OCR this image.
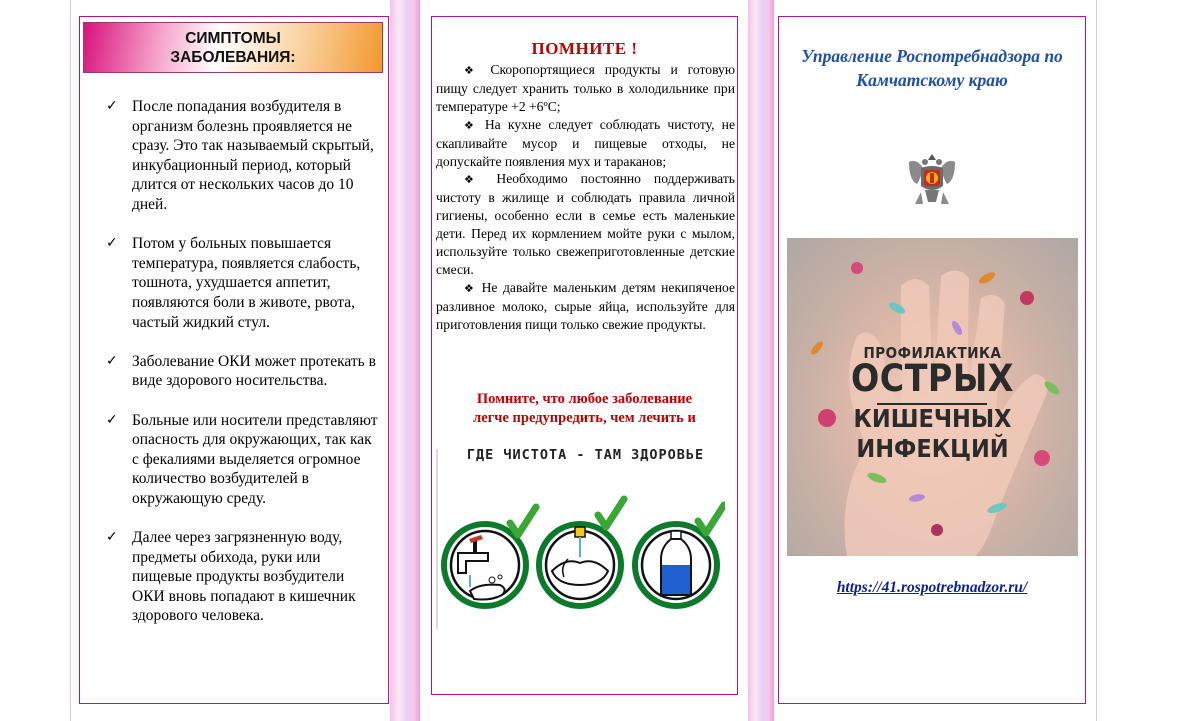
СИМПТОМЫ
ЗАБОЛЕВАНИЯ:
✓ После попадания возбудителя в организм болезнь проявляется не сразу. Это так называемый скрытый, инкубационный период, который длится от нескольких часов до 10 дней.
✓ Потом у больных повышается температура, появляется слабость, тошнота, ухудшается аппетит, появляются боли в животе, рвота, частый жидкий стул.
✓ Заболевание ОКИ может протекать в виде здорового носительства.
✓ Больные или носители представляют опасность для окружающих, так как с фекалиями выделяется огромное количество возбудителей в окружающую среду.
✓ Далее через загрязненную воду, предметы обихода, руки или пищевые продукты возбудители ОКИ вновь попадают в кишечник здорового человека.
ПОМНИТЕ !

❖ Скоропортящиеся продукты и готовую пищу следует хранить только в холодильнике при температуре +2 +6ºС;

❖ На кухне следует соблюдать чистоту, не скапливайте мусор и пищевые отходы, не допускайте появления мух и тараканов;

❖ Необходимо постоянно поддерживать чистоту в жилище и соблюдать правила личной гигиены, особенно если в семье есть маленькие дети. Перед их кормлением мойте руки с мылом, используйте только свежеприготовленные детские смеси.

❖ Не давайте маленьким детям некипяченое разливное молоко, сырые яйца, используйте для приготовления пищи только свежие продукты.

Помните, что любое заболевание
легче предупредить, чем лечить и
ГДЕ ЧИСТОТА - ТАМ ЗДОРОВЬЕ
Управление Роспотребнадзора по
Камчатскому краю
ПРОФИЛАКТИКА
ОСТРЫХ
КИШЕЧНЫХ
ИНФЕКЦИЙ
https://41.rospotrebnadzor.ru/
